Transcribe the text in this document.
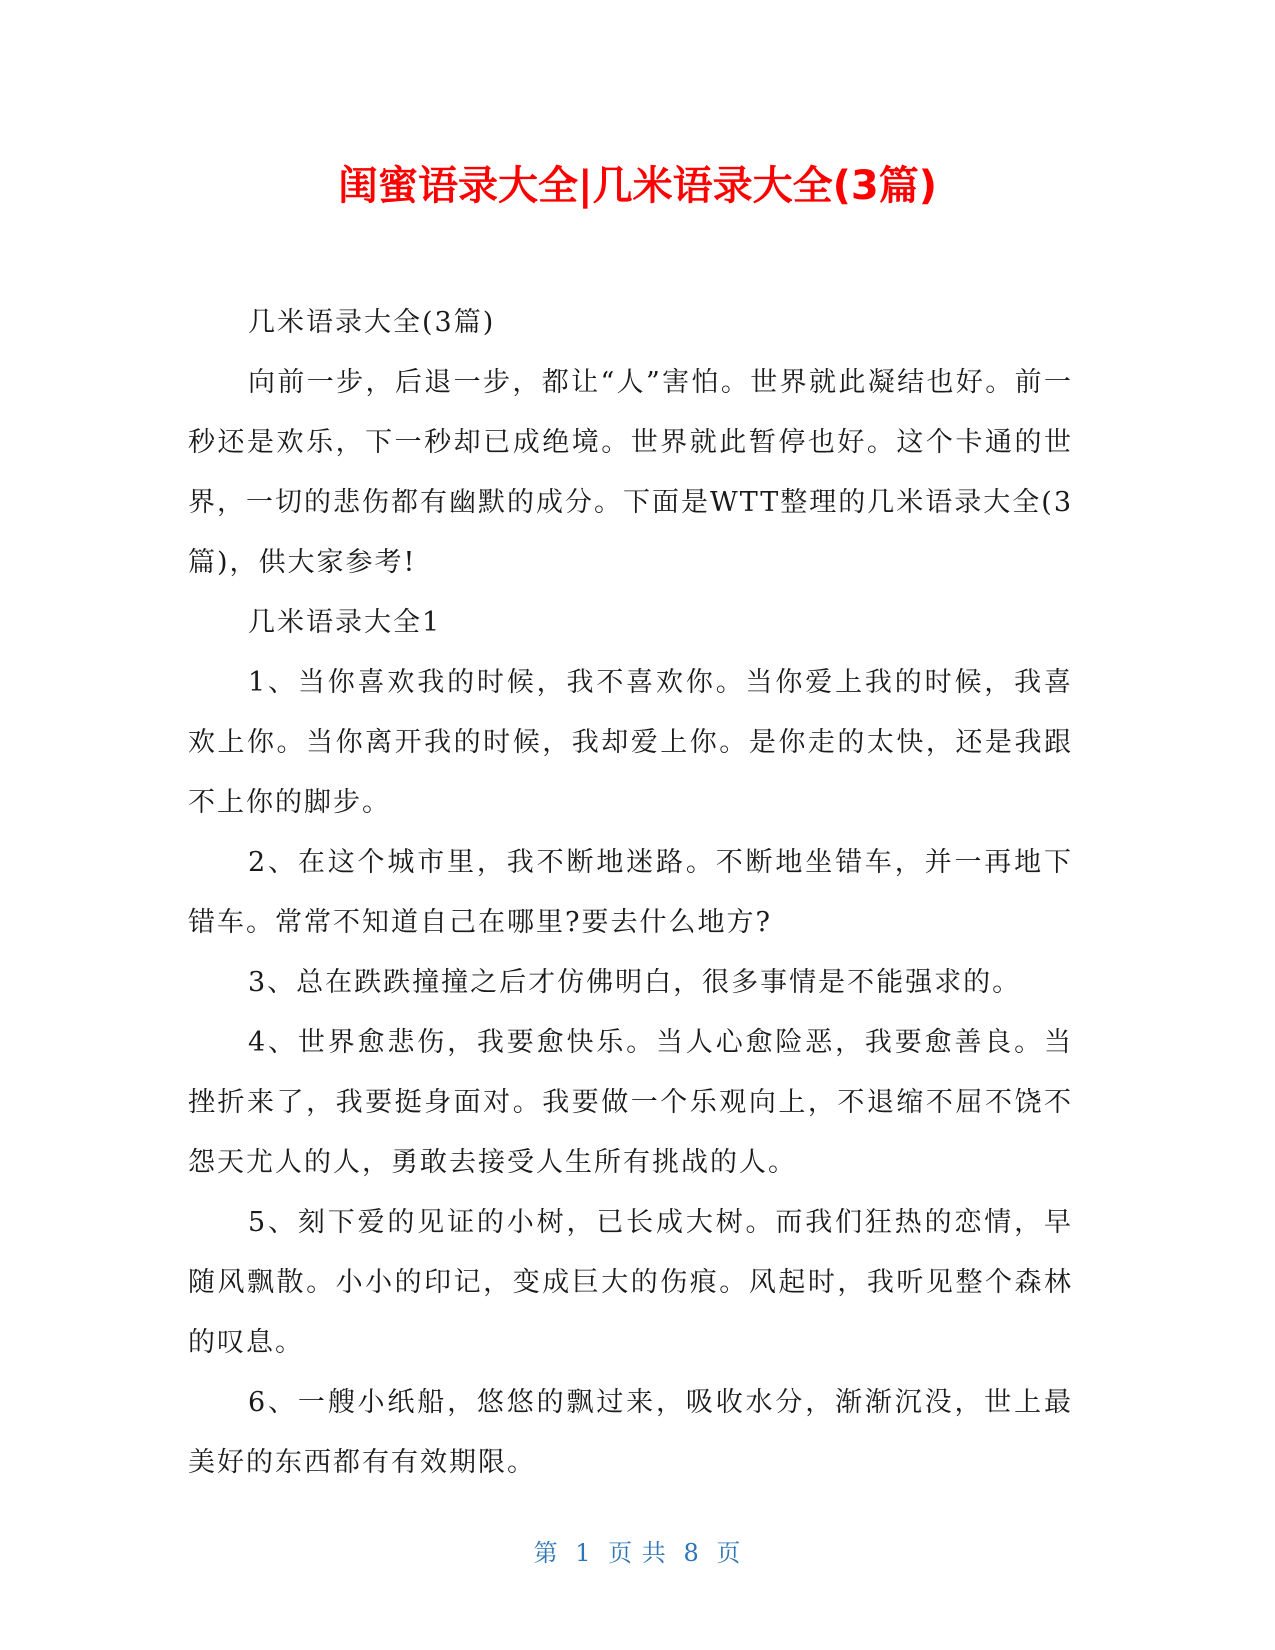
闺蜜语录大全|几米语录大全(3篇)

几米语录大全(3篇)

向前一步，后退一步，都让“人”害怕。世界就此凝结也好。前一秒还是欢乐，下一秒却已成绝境。世界就此暂停也好。这个卡通的世界，一切的悲伤都有幽默的成分。下面是WTT整理的几米语录大全(3篇)，供大家参考!

几米语录大全1

1、当你喜欢我的时候，我不喜欢你。当你爱上我的时候，我喜欢上你。当你离开我的时候，我却爱上你。是你走的太快，还是我跟不上你的脚步。

2、在这个城市里，我不断地迷路。不断地坐错车，并一再地下错车。常常不知道自己在哪里?要去什么地方?

3、总在跌跌撞撞之后才仿佛明白，很多事情是不能强求的。

4、世界愈悲伤，我要愈快乐。当人心愈险恶，我要愈善良。当挫折来了，我要挺身面对。我要做一个乐观向上，不退缩不屈不饶不怨天尤人的人，勇敢去接受人生所有挑战的人。

5、刻下爱的见证的小树，已长成大树。而我们狂热的恋情，早随风飘散。小小的印记，变成巨大的伤痕。风起时，我听见整个森林的叹息。

6、一艘小纸船，悠悠的飘过来，吸收水分，渐渐沉没，世上最美好的东西都有有效期限。

第 1 页 共 8 页
